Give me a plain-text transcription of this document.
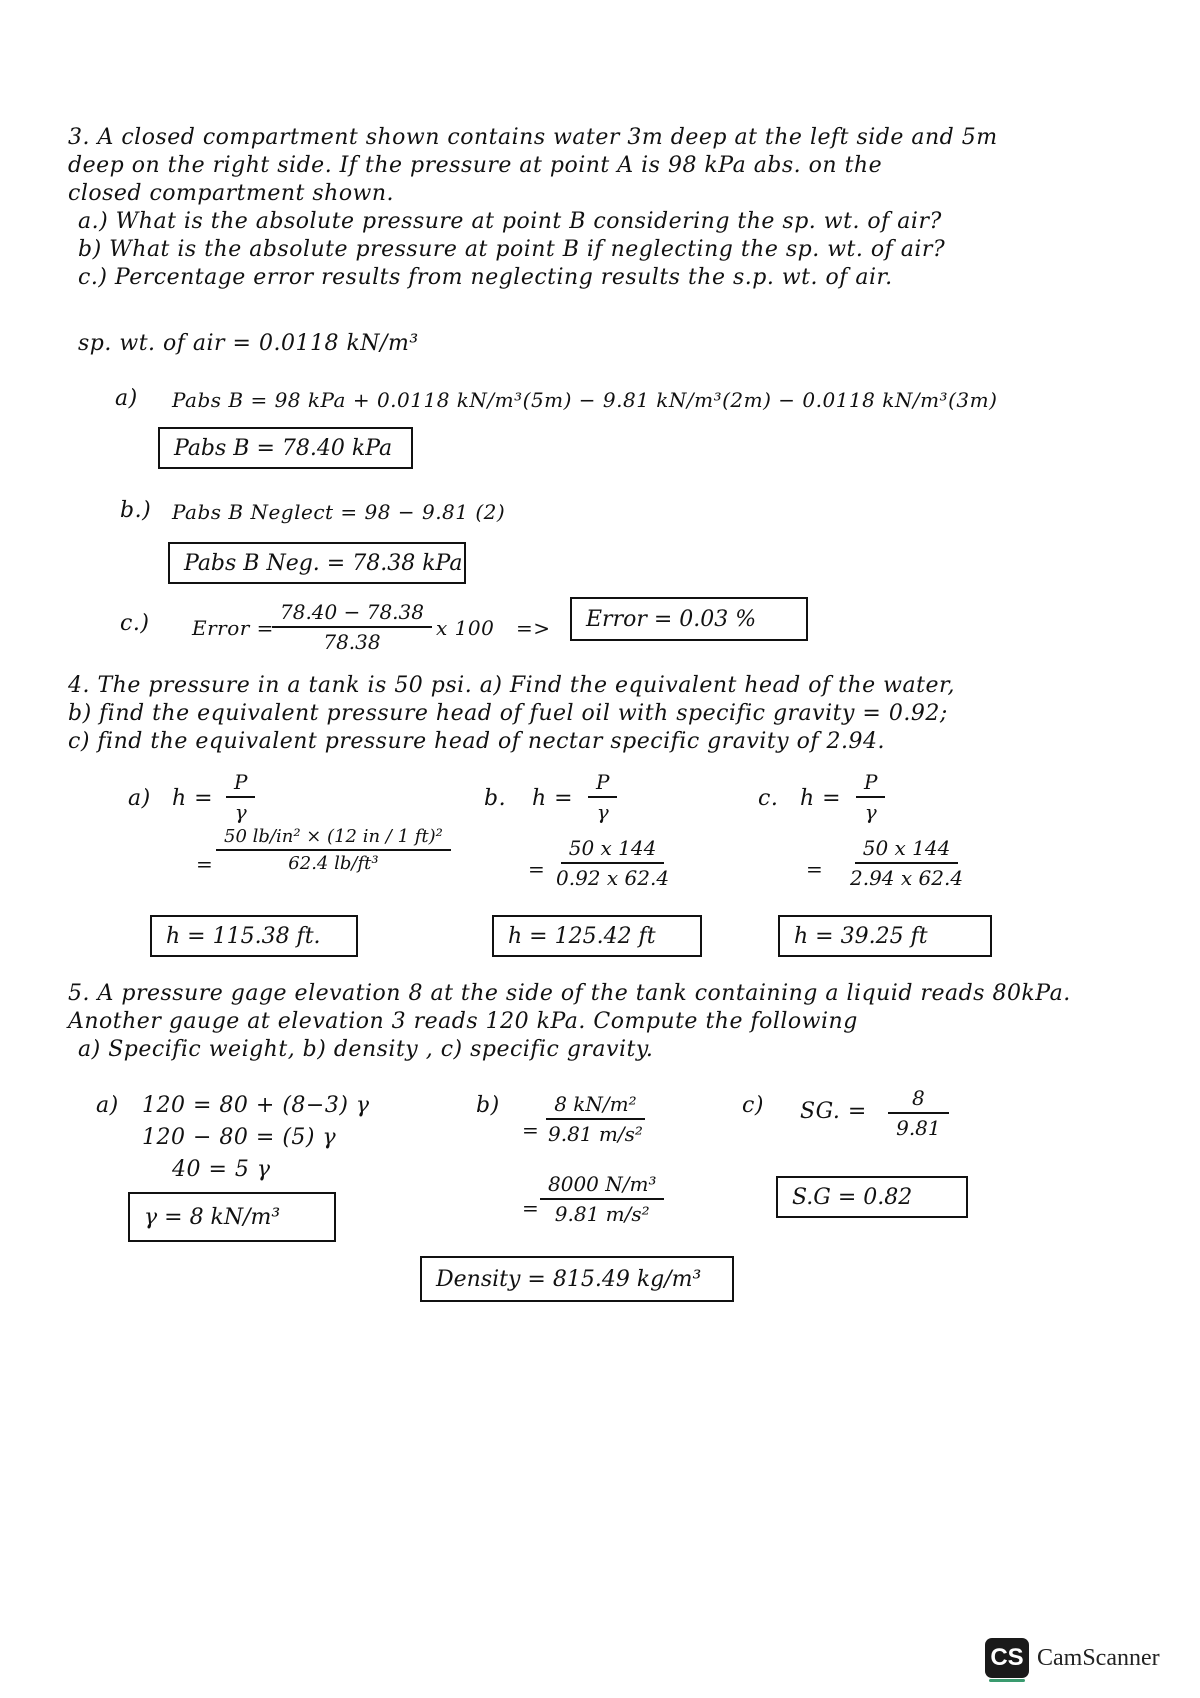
3. A closed compartment shown contains water 3m deep at the left side and 5m
deep on the right side. If the pressure at point A is 98 kPa abs. on the
closed compartment shown.
a.) What is the absolute pressure at point B considering the sp. wt. of air?
b) What is the absolute pressure at point B if neglecting the sp. wt. of air?
c.) Percentage error results from neglecting results the s.p. wt. of air.
sp. wt. of air = 0.0118 kN/m³
a) Pabs B = 98 kPa + 0.0118 kN/m³(5m) − 9.81 kN/m³(2m) − 0.0118 kN/m³(3m)
Pabs B = 78.40 kPa
b.) Pabs B Neglect = 98 − 9.81 (2)
Pabs B Neg. = 78.38 kPa
c.) Error =
$\frac{78.40 - 78.38}{78.38}$ x 100 => Error = 0.03 %
4. The pressure in a tank is 50 psi. a) Find the equivalent head of the water,
b) find the equivalent pressure head of fuel oil with specific gravity = 0.92;
c) find the equivalent pressure head of nectar specific gravity of 2.94.
a) $h = \frac{P}{\gamma}$
= $\frac{\text{50 lb/in² × (12 in / 1 ft)²}}{\text{62.4 lb/ft³}}$
h = 115.38 ft.
b. $h = \frac{P}{\gamma}$
= $\frac{50 x 144}{0.92 x 62.4}$
h = 125.42 ft
c. $h = \frac{P}{\gamma}$
= $\frac{50 x 144}{2.94 x 62.4}$
h = 39.25 ft
5. A pressure gage elevation 8 at the side of the tank containing a liquid reads 80kPa.
Another gauge at elevation 3 reads 120 kPa. Compute the following
a) Specific weight, b) density , c) specific gravity.
a) 120 = 80 + (8−3) γ
120 − 80 = (5) γ
40 = 5 γ
γ = 8 kN/m³
b)
= $\frac{\text{8 kN/m²}}{\text{9.81 m/s²}}$
= $\frac{\text{8000 N/m³}}{\text{9.81 m/s²}}$
Density = 815.49 kg/m³
c) SG. = $\frac{8}{9.81}$
S.G = 0.82
CS CamScanner
